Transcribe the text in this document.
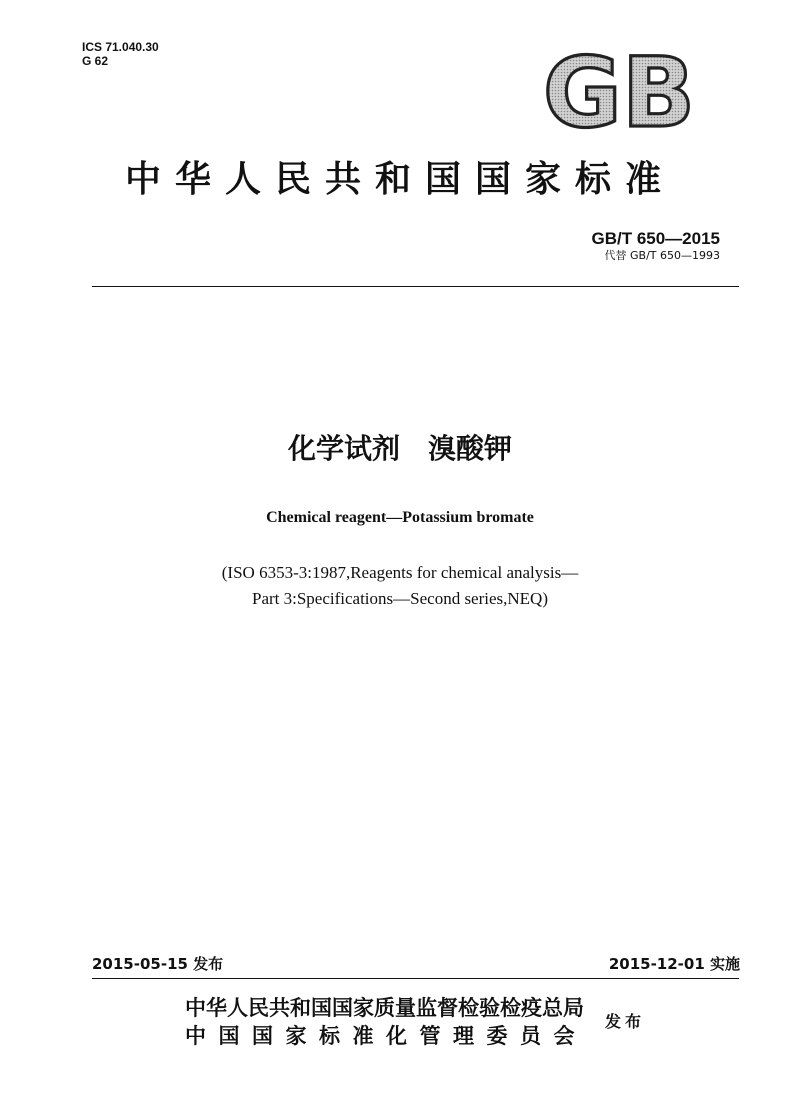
ICS 71.040.30
G 62	GB
中华人民共和国国家标准
GB/T 650—2015
代替 GB/T 650—1993
化学试剂　溴酸钾
Chemical reagent—Potassium bromate
(ISO 6353-3:1987,Reagents for chemical analysis—
Part 3:Specifications—Second series,NEQ)
2015-05-15 发布	2015-12-01 实施
中华人民共和国国家质量监督检验检疫总局
中国国家标准化管理委员会
发布
